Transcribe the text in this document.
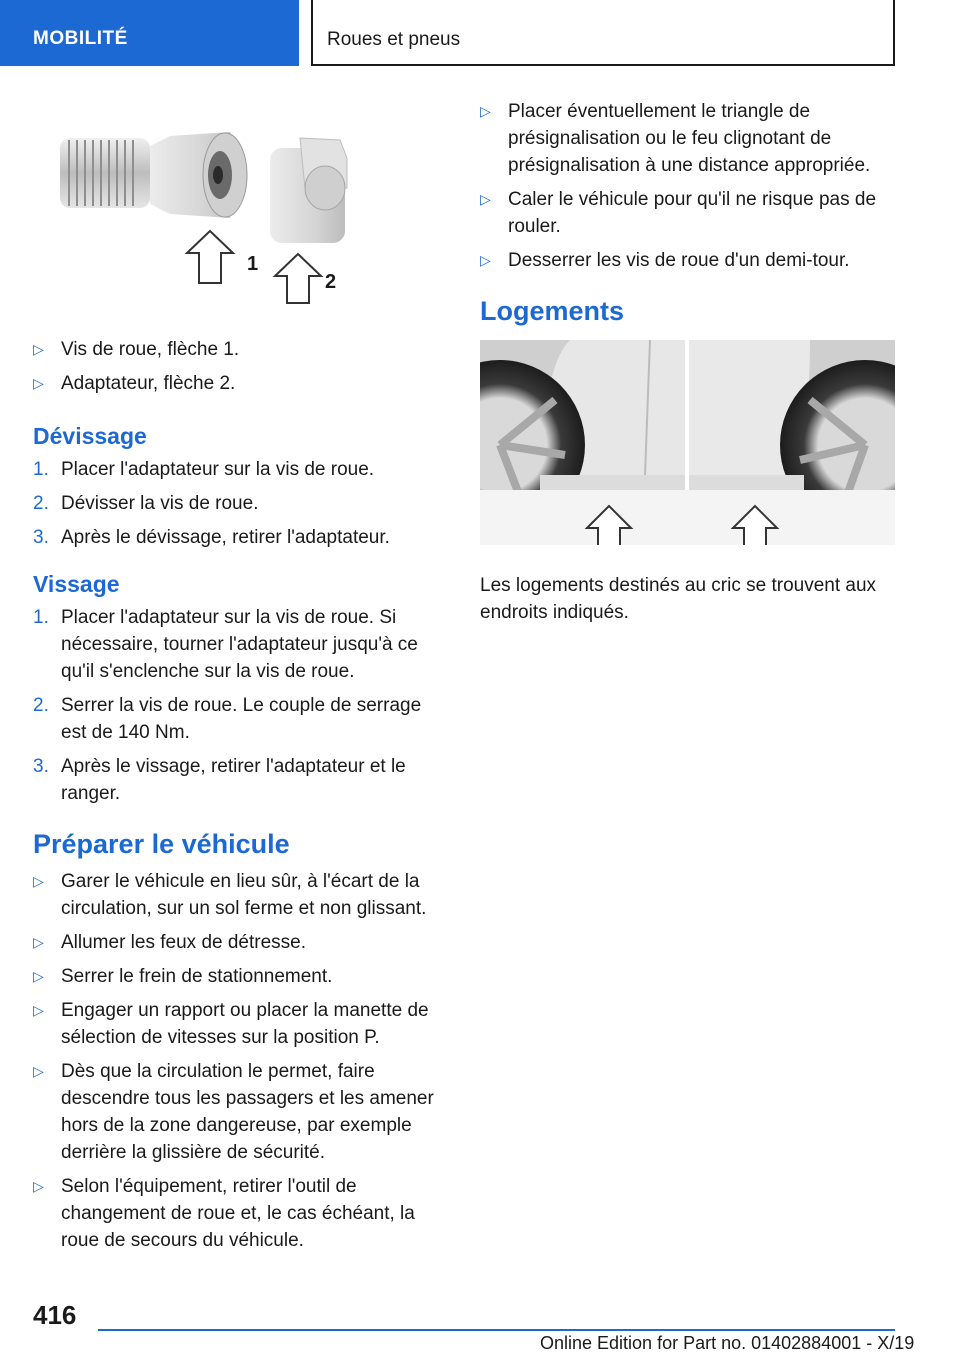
MOBILITÉ	Roues et pneus
1
2
▷ Vis de roue, flèche 1.
▷ Adaptateur, flèche 2.
Dévissage
1. Placer l'adaptateur sur la vis de roue.
2. Dévisser la vis de roue.
3. Après le dévissage, retirer l'adaptateur.
Vissage
1. Placer l'adaptateur sur la vis de roue. Si nécessaire, tourner l'adaptateur jusqu'à ce qu'il s'enclenche sur la vis de roue.
2. Serrer la vis de roue. Le couple de serrage est de 140 Nm.
3. Après le vissage, retirer l'adaptateur et le ranger.
Préparer le véhicule
▷ Garer le véhicule en lieu sûr, à l'écart de la circulation, sur un sol ferme et non glissant.
▷ Allumer les feux de détresse.
▷ Serrer le frein de stationnement.
▷ Engager un rapport ou placer la manette de sélection de vitesses sur la position P.
▷ Dès que la circulation le permet, faire descendre tous les passagers et les amener hors de la zone dangereuse, par exemple derrière la glissière de sécurité.
▷ Selon l'équipement, retirer l'outil de changement de roue et, le cas échéant, la roue de secours du véhicule.
▷ Placer éventuellement le triangle de présignalisation ou le feu clignotant de présignalisation à une distance appropriée.
▷ Caler le véhicule pour qu'il ne risque pas de rouler.
▷ Desserrer les vis de roue d'un demi-tour.
Logements

Les logements destinés au cric se trouvent aux endroits indiqués.

416
Online Edition for Part no. 01402884001 - X/19
